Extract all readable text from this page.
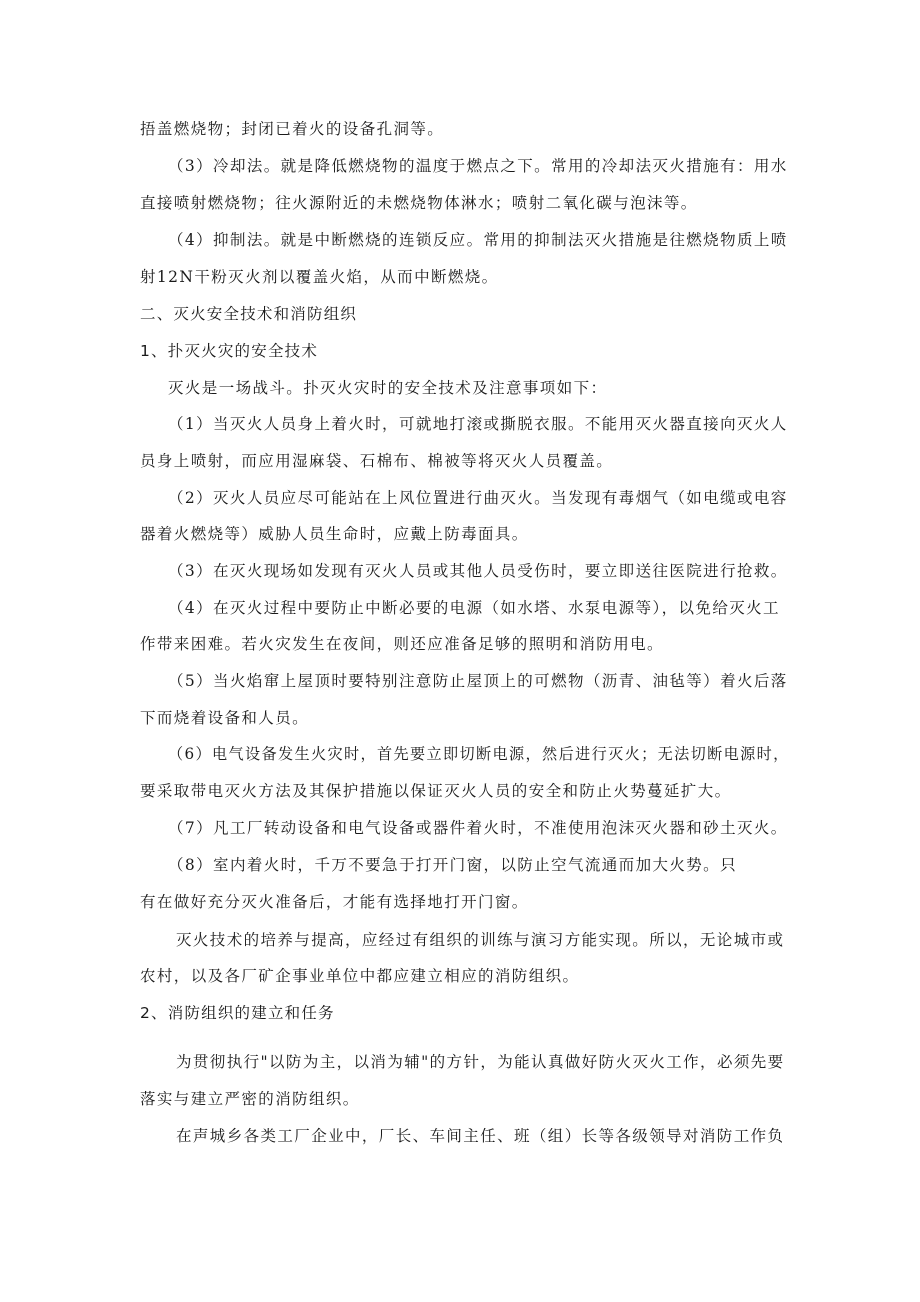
捂盖燃烧物；封闭已着火的设备孔洞等。
（3）冷却法。就是降低燃烧物的温度于燃点之下。常用的冷却法灭火措施有：用水
直接喷射燃烧物；往火源附近的未燃烧物体淋水；喷射二氧化碳与泡沫等。
（4）抑制法。就是中断燃烧的连锁反应。常用的抑制法灭火措施是往燃烧物质上喷
射12N干粉灭火剂以覆盖火焰，从而中断燃烧。
二、灭火安全技术和消防组织
1、扑灭火灾的安全技术
灭火是一场战斗。扑灭火灾时的安全技术及注意事项如下：
（1）当灭火人员身上着火时，可就地打滚或撕脱衣服。不能用灭火器直接向灭火人
员身上喷射，而应用湿麻袋、石棉布、棉被等将灭火人员覆盖。
（2）灭火人员应尽可能站在上风位置进行曲灭火。当发现有毒烟气（如电缆或电容
器着火燃烧等）威胁人员生命时，应戴上防毒面具。
（3）在灭火现场如发现有灭火人员或其他人员受伤时，要立即送往医院进行抢救。
（4）在灭火过程中要防止中断必要的电源（如水塔、水泵电源等），以免给灭火工
作带来困难。若火灾发生在夜间，则还应准备足够的照明和消防用电。
（5）当火焰窜上屋顶时要特别注意防止屋顶上的可燃物（沥青、油毡等）着火后落
下而烧着设备和人员。
（6）电气设备发生火灾时，首先要立即切断电源，然后进行灭火；无法切断电源时，
要采取带电灭火方法及其保护措施以保证灭火人员的安全和防止火势蔓延扩大。
（7）凡工厂转动设备和电气设备或器件着火时，不准使用泡沫灭火器和砂土灭火。
（8）室内着火时，千万不要急于打开门窗，以防止空气流通而加大火势。只
有在做好充分灭火准备后，才能有选择地打开门窗。
灭火技术的培养与提高，应经过有组织的训练与演习方能实现。所以，无论城市或
农村，以及各厂矿企事业单位中都应建立相应的消防组织。
2、消防组织的建立和任务
为贯彻执行"以防为主，以消为辅"的方针，为能认真做好防火灭火工作，必须先要
落实与建立严密的消防组织。
在声城乡各类工厂企业中，厂长、车间主任、班（组）长等各级领导对消防工作负
